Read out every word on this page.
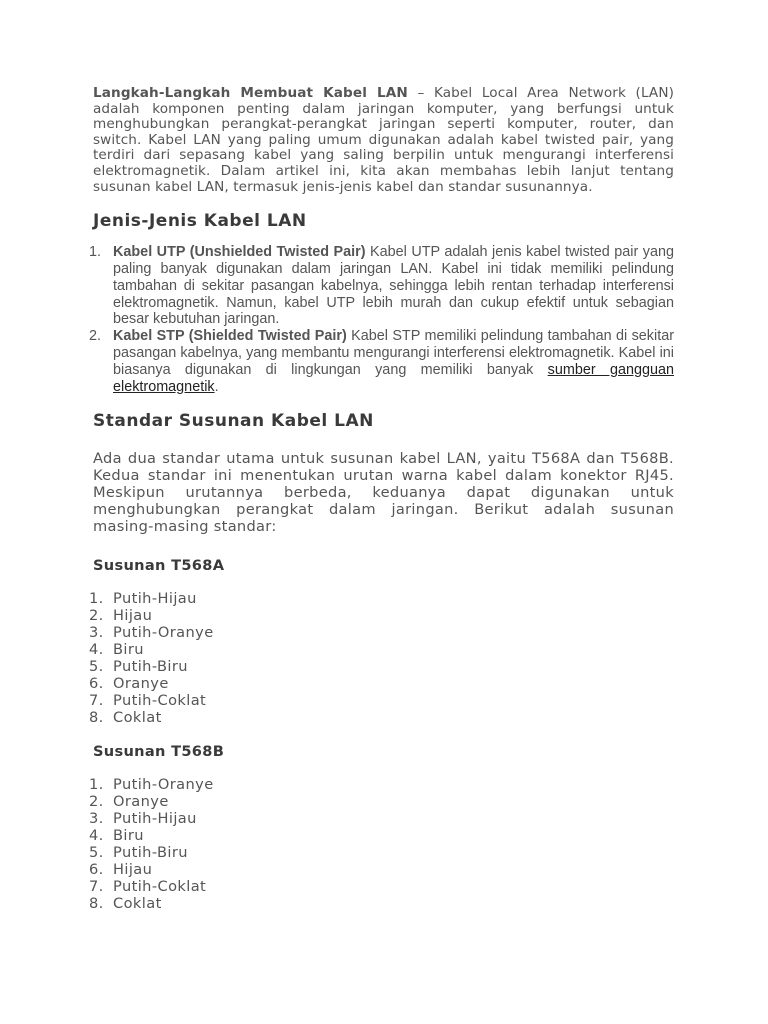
Langkah-Langkah Membuat Kabel LAN – Kabel Local Area Network (LAN) adalah komponen penting dalam jaringan komputer, yang berfungsi untuk menghubungkan perangkat-perangkat jaringan seperti komputer, router, dan switch. Kabel LAN yang paling umum digunakan adalah kabel twisted pair, yang terdiri dari sepasang kabel yang saling berpilin untuk mengurangi interferensi elektromagnetik. Dalam artikel ini, kita akan membahas lebih lanjut tentang susunan kabel LAN, termasuk jenis-jenis kabel dan standar susunannya.

Jenis-Jenis Kabel LAN
1. Kabel UTP (Unshielded Twisted Pair) Kabel UTP adalah jenis kabel twisted pair yang paling banyak digunakan dalam jaringan LAN. Kabel ini tidak memiliki pelindung tambahan di sekitar pasangan kabelnya, sehingga lebih rentan terhadap interferensi elektromagnetik. Namun, kabel UTP lebih murah dan cukup efektif untuk sebagian besar kebutuhan jaringan.
2. Kabel STP (Shielded Twisted Pair) Kabel STP memiliki pelindung tambahan di sekitar pasangan kabelnya, yang membantu mengurangi interferensi elektromagnetik. Kabel ini biasanya digunakan di lingkungan yang memiliki banyak sumber gangguan elektromagnetik.
Standar Susunan Kabel LAN

Ada dua standar utama untuk susunan kabel LAN, yaitu T568A dan T568B. Kedua standar ini menentukan urutan warna kabel dalam konektor RJ45. Meskipun urutannya berbeda, keduanya dapat digunakan untuk menghubungkan perangkat dalam jaringan. Berikut adalah susunan masing-masing standar:

Susunan T568A
1. Putih-Hijau
2. Hijau
3. Putih-Oranye
4. Biru
5. Putih-Biru
6. Oranye
7. Putih-Coklat
8. Coklat
Susunan T568B
1. Putih-Oranye
2. Oranye
3. Putih-Hijau
4. Biru
5. Putih-Biru
6. Hijau
7. Putih-Coklat
8. Coklat
